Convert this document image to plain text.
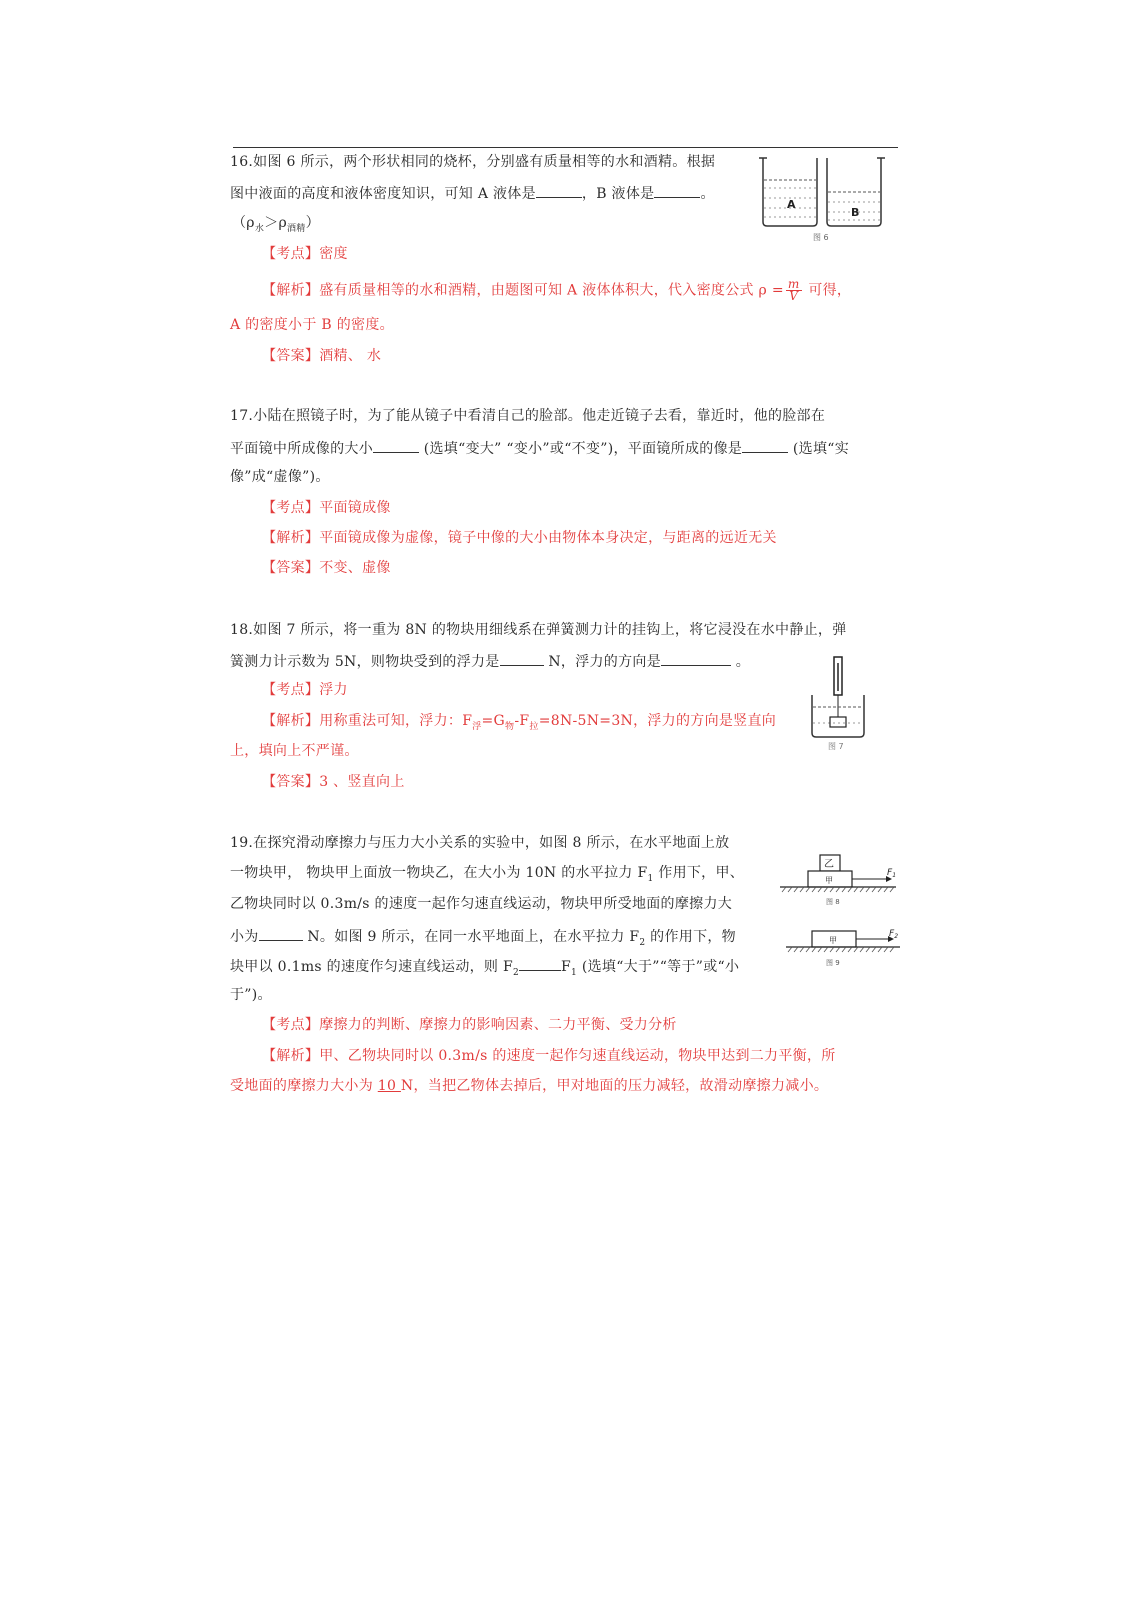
16.如图 6 所示，两个形状相同的烧杯，分别盛有质量相等的水和酒精。根据
图中液面的高度和液体密度知识，可知 A 液体是	，B 液体是	。
$(\rho_水>\rho_{酒精})$
【考点】密度
【解析】盛有质量相等的水和酒精，由题图可知 A 液体体积大，代入密度公式 $\rho = \frac{m}{V}$ 可得，
A 的密度小于 B 的密度。
【答案】酒精、 水
A
B
图 6
17.小陆在照镜子时，为了能从镜子中看清自己的脸部。他走近镜子去看，靠近时，他的脸部在
平面镜中所成像的大小	(选填“变大” “变小”或“不变”)，平面镜所成的像是	(选填“实
像”成“虚像”)。
【考点】平面镜成像
【解析】平面镜成像为虚像，镜子中像的大小由物体本身决定，与距离的远近无关
【答案】不变、虚像
18.如图 7 所示，将一重为 8N 的物块用细线系在弹簧测力计的挂钩上，将它浸没在水中静止，弹
簧测力计示数为 5N，则物块受到的浮力是	N，浮力的方向是	。
【考点】浮力
【解析】用称重法可知，浮力：$F_浮=G_物-F_拉=8N-5N=3N$，浮力的方向是竖直向
上，填向上不严谨。
【答案】3 、竖直向上
图 7
19.在探究滑动摩擦力与压力大小关系的实验中，如图 8 所示，在水平地面上放
一物块甲， 物块甲上面放一物块乙，在大小为 10N 的水平拉力 $F_1$ 作用下，甲、
乙物块同时以 0.3m/s 的速度一起作匀速直线运动，物块甲所受地面的摩擦力大
小为	N。如图 9 所示，在同一水平地面上，在水平拉力 $F_2$ 的作用下，物
块甲以 0.1ms 的速度作匀速直线运动，则 $F_2$	$F_1$ (选填“大于”“等于”或“小
于”)。
【考点】摩擦力的判断、摩擦力的影响因素、二力平衡、受力分析
【解析】甲、乙物块同时以 0.3m/s 的速度一起作匀速直线运动，物块甲达到二力平衡，所
受地面的摩擦力大小为 10 N，当把乙物体去掉后，甲对地面的压力减轻，故滑动摩擦力减小。
乙
甲
$F_1$
图 8
甲
$F_2$
图 9
